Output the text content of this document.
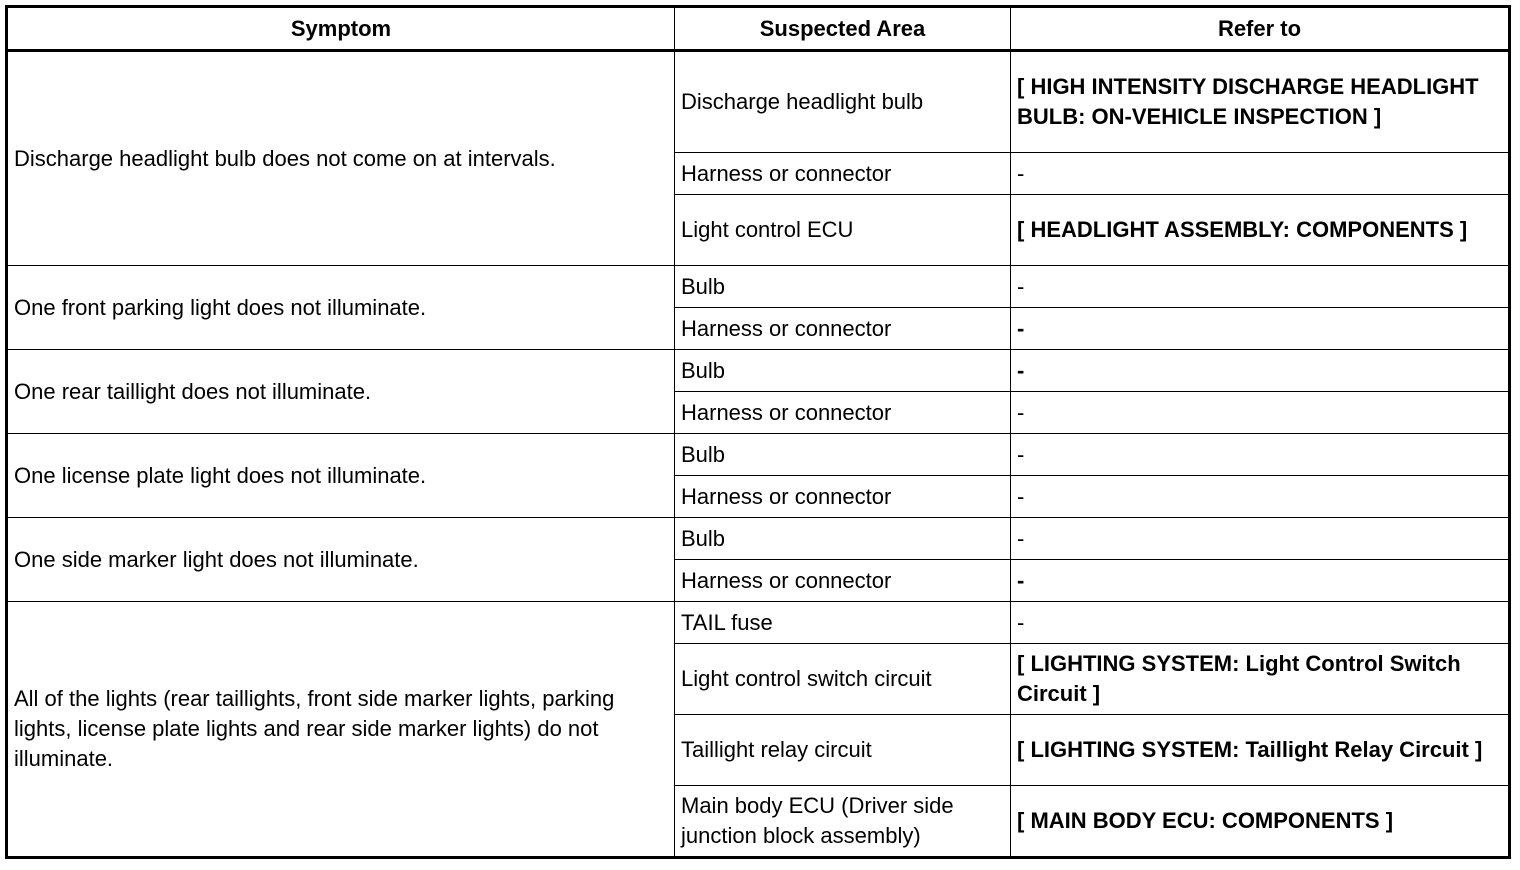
Symptom	Suspected Area	Refer to
Discharge headlight bulb does not come on at intervals.	Discharge headlight bulb	[ HIGH INTENSITY DISCHARGE HEADLIGHT BULB: ON-VEHICLE INSPECTION ]
	Harness or connector	-
	Light control ECU	[ HEADLIGHT ASSEMBLY: COMPONENTS ]
One front parking light does not illuminate.	Bulb	-
	Harness or connector	-
One rear taillight does not illuminate.	Bulb	-
	Harness or connector	-
One license plate light does not illuminate.	Bulb	-
	Harness or connector	-
One side marker light does not illuminate.	Bulb	-
	Harness or connector	-
All of the lights (rear taillights, front side marker lights, parking lights, license plate lights and rear side marker lights) do not illuminate.	TAIL fuse	-
	Light control switch circuit	[ LIGHTING SYSTEM: Light Control Switch Circuit ]
	Taillight relay circuit	[ LIGHTING SYSTEM: Taillight Relay Circuit ]
	Main body ECU (Driver side junction block assembly)	[ MAIN BODY ECU: COMPONENTS ]
